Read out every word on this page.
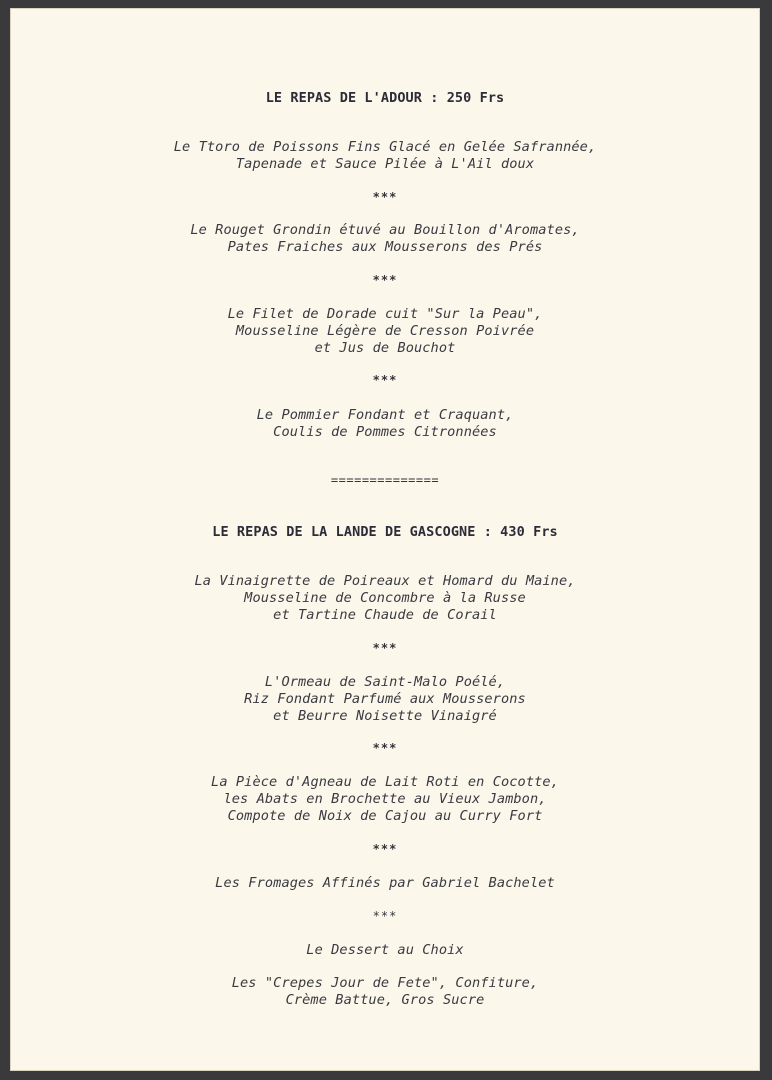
LE REPAS DE L'ADOUR : 250 Frs
Le Ttoro de Poissons Fins Glacé en Gelée Safrannée,
Tapenade et Sauce Pilée à L'Ail doux
***
Le Rouget Grondin étuvé au Bouillon d'Aromates,
Pates Fraiches aux Mousserons des Prés
***
Le Filet de Dorade cuit "Sur la Peau",
Mousseline Légère de Cresson Poivrée
et Jus de Bouchot
***
Le Pommier Fondant et Craquant,
Coulis de Pommes Citronnées
==============
LE REPAS DE LA LANDE DE GASCOGNE : 430 Frs
La Vinaigrette de Poireaux et Homard du Maine,
Mousseline de Concombre à la Russe
et Tartine Chaude de Corail
***
L'Ormeau de Saint-Malo Poélé,
Riz Fondant Parfumé aux Mousserons
et Beurre Noisette Vinaigré
***
La Pièce d'Agneau de Lait Roti en Cocotte,
les Abats en Brochette au Vieux Jambon,
Compote de Noix de Cajou au Curry Fort
***
Les Fromages Affinés par Gabriel Bachelet
***
Le Dessert au Choix
Les "Crepes Jour de Fete", Confiture,
Crème Battue, Gros Sucre
